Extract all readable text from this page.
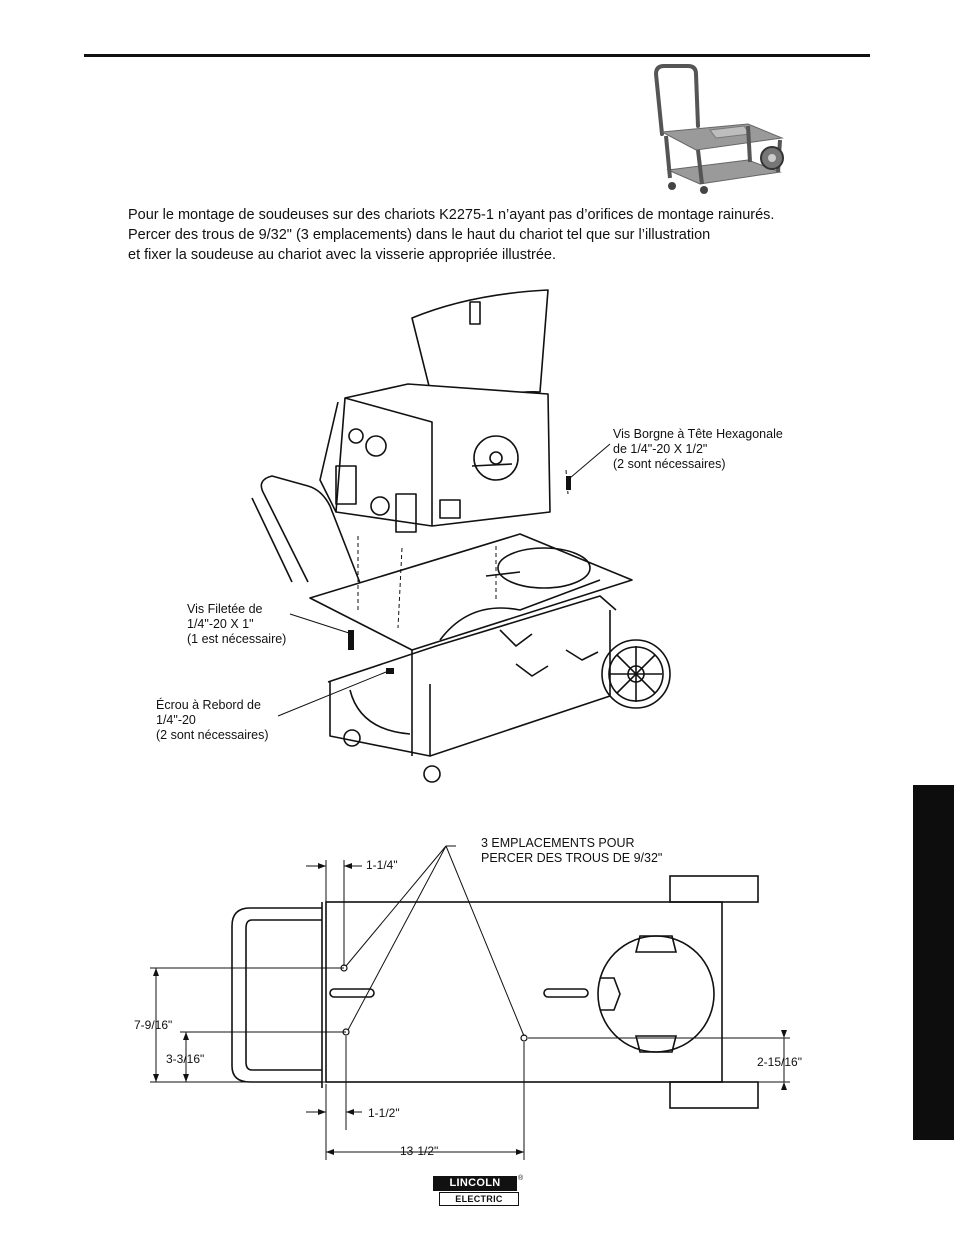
Pour le montage de soudeuses sur des chariots K2275-1 n’ayant pas d’orifices de montage rainurés.
Percer des trous de 9/32" (3 emplacements) dans le haut du chariot tel que sur l’illustration
et fixer la soudeuse au chariot avec la visserie appropriée illustrée.
Vis Borgne à Tête Hexagonale
de 1/4"-20 X 1/2"
(2 sont nécessaires)
Vis Filetée de
1/4"-20 X 1"
(1 est nécessaire)
Écrou à Rebord de
1/4"-20
(2 sont nécessaires)
3 EMPLACEMENTS POUR
PERCER DES TROUS DE 9/32"
1-1/4"
7-9/16"
3-3/16"
1-1/2"
13-1/2"
2-15/16"
LINCOLN
ELECTRIC
®
